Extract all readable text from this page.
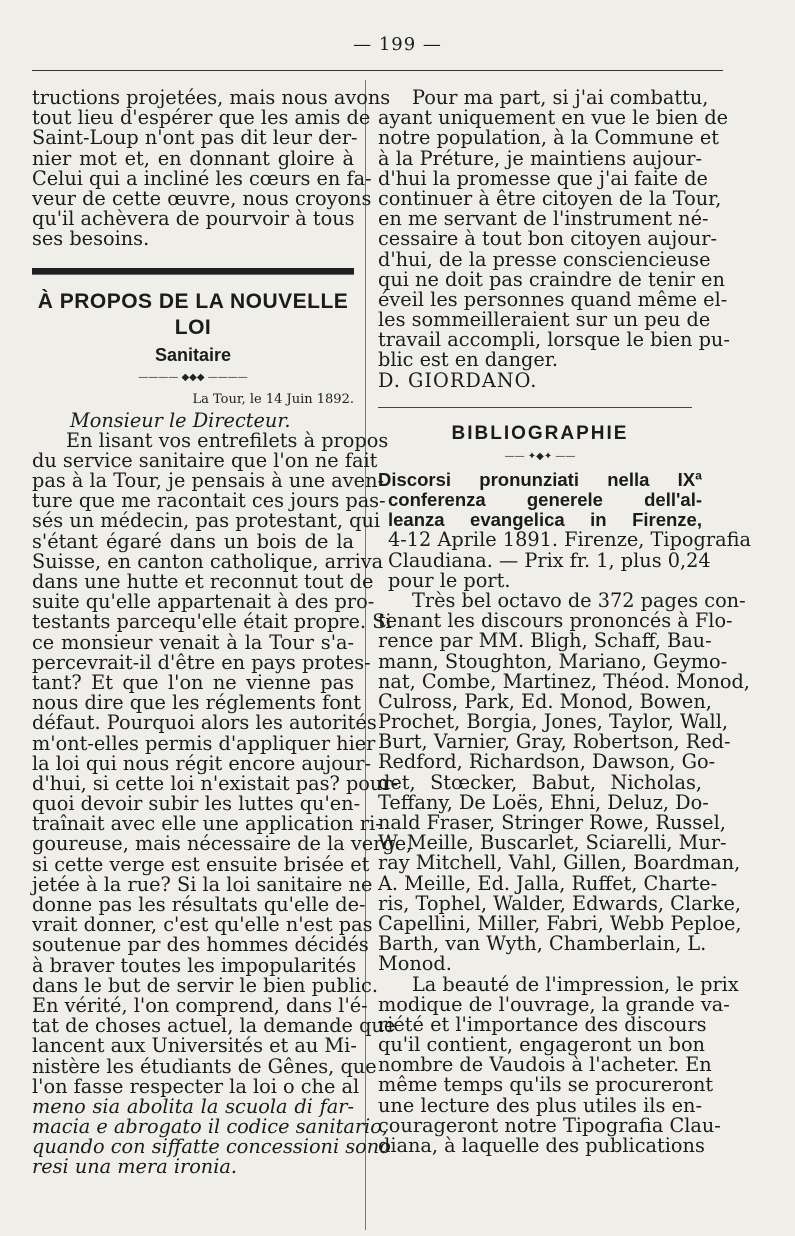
— 199 —
tructions projetées, mais nous avons
tout lieu d'espérer que les amis de
Saint-Loup n'ont pas dit leur der-
nier mot et, en donnant gloire à
Celui qui a incliné les cœurs en fa-
veur de cette œuvre, nous croyons
qu'il achèvera de pourvoir à tous
ses besoins.
À PROPOS DE LA NOUVELLE LOI
Sanitaire
———— ◆◆◆ ————
La Tour, le 14 Juin 1892.
Monsieur le Directeur.
En lisant vos entrefilets à propos
du service sanitaire que l'on ne fait
pas à la Tour, je pensais à une aven-
ture que me racontait ces jours pas-
sés un médecin, pas protestant, qui
s'étant égaré dans un bois de la
Suisse, en canton catholique, arriva
dans une hutte et reconnut tout de
suite qu'elle appartenait à des pro-
testants parcequ'elle était propre. Si
ce monsieur venait à la Tour s'a-
percevrait-il d'être en pays protes-
tant? Et que l'on ne vienne pas
nous dire que les réglements font
défaut. Pourquoi alors les autorités
m'ont-elles permis d'appliquer hier
la loi qui nous régit encore aujour-
d'hui, si cette loi n'existait pas? pour-
quoi devoir subir les luttes qu'en-
traînait avec elle une application ri-
goureuse, mais nécessaire de la verge,
si cette verge est ensuite brisée et
jetée à la rue? Si la loi sanitaire ne
donne pas les résultats qu'elle de-
vrait donner, c'est qu'elle n'est pas
soutenue par des hommes décidés
à braver toutes les impopularités
dans le but de servir le bien public.
En vérité, l'on comprend, dans l'é-
tat de choses actuel, la demande que
lancent aux Universités et au Mi-
nistère les étudiants de Gênes, que
l'on fasse respecter la loi o che al
meno sia abolita la scuola di far-
macia e abrogato il codice sanitario,
quando con siffatte concessioni sono
resi una mera ironia.
Pour ma part, si j'ai combattu,
ayant uniquement en vue le bien de
notre population, à la Commune et
à la Préture, je maintiens aujour-
d'hui la promesse que j'ai faite de
continuer à être citoyen de la Tour,
en me servant de l'instrument né-
cessaire à tout bon citoyen aujour-
d'hui, de la presse consciencieuse
qui ne doit pas craindre de tenir en
éveil les personnes quand même el-
les sommeilleraient sur un peu de
travail accompli, lorsque le bien pu-
blic est en danger.
D. GIORDANO.
BIBLIOGRAPHIE
—— ✦◆✦ ——
Discorsi pronunziati nella IXª
conferenza generele dell'al-
leanza evangelica in Firenze,
4-12 Aprile 1891. Firenze, Tipografia
Claudiana. — Prix fr. 1, plus 0,24
pour le port.
Très bel octavo de 372 pages con-
tenant les discours prononcés à Flo-
rence par MM. Bligh, Schaff, Bau-
mann, Stoughton, Mariano, Geymo-
nat, Combe, Martinez, Théod. Monod,
Culross, Park, Ed. Monod, Bowen,
Prochet, Borgia, Jones, Taylor, Wall,
Burt, Varnier, Gray, Robertson, Red-
Redford, Richardson, Dawson, Go-
det, Stœcker, Babut, Nicholas,
Teffany, De Loës, Ehni, Deluz, Do-
nald Fraser, Stringer Rowe, Russel,
W. Meille, Buscarlet, Sciarelli, Mur-
ray Mitchell, Vahl, Gillen, Boardman,
A. Meille, Ed. Jalla, Ruffet, Charte-
ris, Tophel, Walder, Edwards, Clarke,
Capellini, Miller, Fabri, Webb Peploe,
Barth, van Wyth, Chamberlain, L.
Monod.
La beauté de l'impression, le prix
modique de l'ouvrage, la grande va-
riété et l'importance des discours
qu'il contient, engageront un bon
nombre de Vaudois à l'acheter. En
même temps qu'ils se procureront
une lecture des plus utiles ils en-
courageront notre Tipografia Clau-
diana, à laquelle des publications
